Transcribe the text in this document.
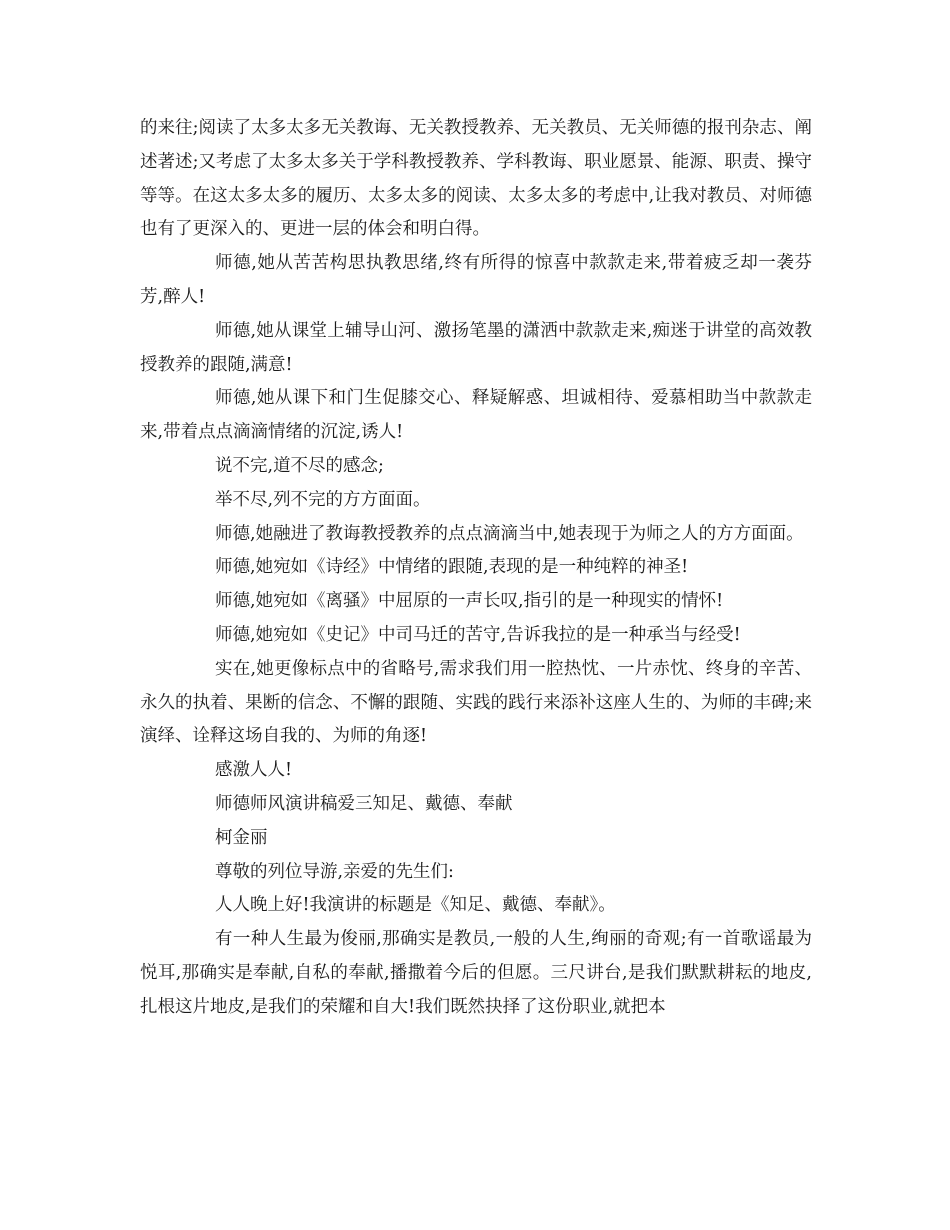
的来往;阅读了太多太多无关教诲、无关教授教养、无关教员、无关师德的报刊杂志、阐述著述;又考虑了太多太多关于学科教授教养、学科教诲、职业愿景、能源、职责、操守等等。在这太多太多的履历、太多太多的阅读、太多太多的考虑中,让我对教员、对师德也有了更深入的、更进一层的体会和明白得。

师德,她从苦苦构思执教思绪,终有所得的惊喜中款款走来,带着疲乏却一袭芬芳,醉人!

师德,她从课堂上辅导山河、激扬笔墨的潇洒中款款走来,痴迷于讲堂的高效教授教养的跟随,满意!

师德,她从课下和门生促膝交心、释疑解惑、坦诚相待、爱慕相助当中款款走来,带着点点滴滴情绪的沉淀,诱人!

说不完,道不尽的感念;

举不尽,列不完的方方面面。

师德,她融进了教诲教授教养的点点滴滴当中,她表现于为师之人的方方面面。

师德,她宛如《诗经》中情绪的跟随,表现的是一种纯粹的神圣!

师德,她宛如《离骚》中屈原的一声长叹,指引的是一种现实的情怀!

师德,她宛如《史记》中司马迁的苦守,告诉我拉的是一种承当与经受!

实在,她更像标点中的省略号,需求我们用一腔热忱、一片赤忱、终身的辛苦、永久的执着、果断的信念、不懈的跟随、实践的践行来添补这座人生的、为师的丰碑;来演绎、诠释这场自我的、为师的角逐!

感激人人!

师德师风演讲稿爱三知足、戴德、奉献

柯金丽

尊敬的列位导游,亲爱的先生们:

人人晚上好!我演讲的标题是《知足、戴德、奉献》。

有一种人生最为俊丽,那确实是教员,一般的人生,绚丽的奇观;有一首歌谣最为悦耳,那确实是奉献,自私的奉献,播撒着今后的但愿。三尺讲台,是我们默默耕耘的地皮,扎根这片地皮,是我们的荣耀和自大!我们既然抉择了这份职业,就把本
